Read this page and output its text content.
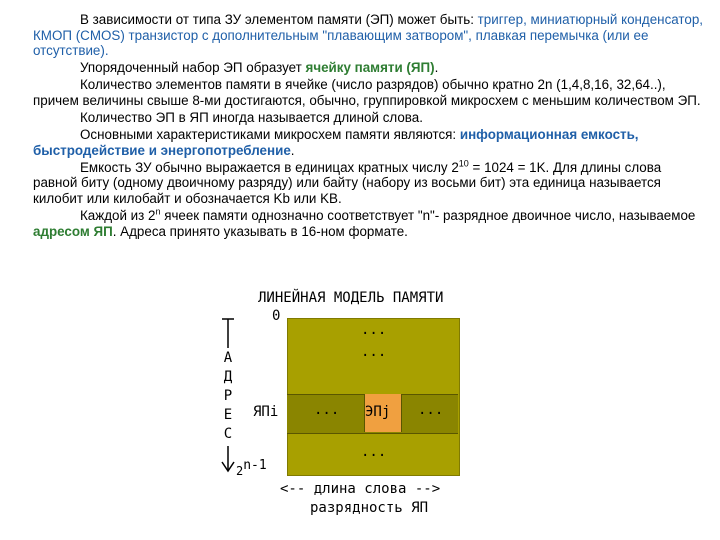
В зависимости от типа ЗУ элементом памяти (ЭП) может быть: триггер, миниатюрный конденсатор, КМОП (CMOS) транзистор с дополнительным "плавающим затвором", плавкая перемычка (или ее отсутствие).

Упорядоченный набор ЭП образует ячейку памяти (ЯП).

Количество элементов памяти в ячейке (число разрядов) обычно кратно 2n (1,4,8,16, 32,64..), причем величины свыше 8-ми достигаются, обычно, группировкой микросхем с меньшим количеством ЭП.

Количество ЭП в ЯП иногда называется длиной слова.

Основными характеристиками микросхем памяти являются: информационная емкость, быстродействие и энергопотребление.

Емкость ЗУ обычно выражается в единицах кратных числу $2^{10} = 1024 = 1K$. Для длины слова равной биту (одному двоичному разряду) или байту (набору из восьми бит) эта единица называется килобит или килобайт и обозначается Kb или KB.

Каждой из 2$^n$ ячеек памяти однозначно соответствует "n"- разрядное двоичное число, называемое адресом ЯП. Адреса принято указывать в 16-ном формате.

ЛИНЕЙНАЯ МОДЕЛЬ ПАМЯТИ
0
...
...
ЯПi	... ЭПj ...
...
А
Д
Р
Е
С
2n-1
<-- длина слова -->
разрядность ЯП
